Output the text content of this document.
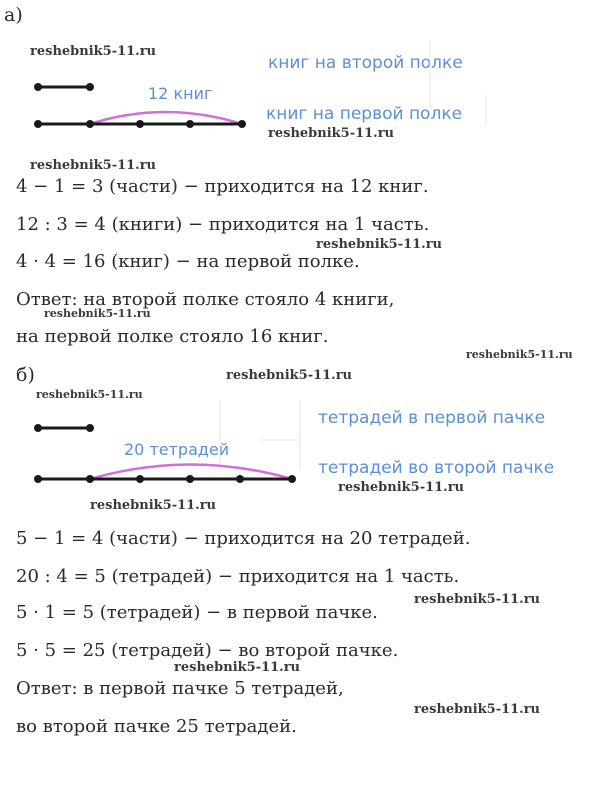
а)
reshebnik5-11.ru
книг на второй полке
12 книг
книг на первой полке
reshebnik5-11.ru
reshebnik5-11.ru
4 − 1 = 3 (части) − приходится на 12 книг.
12 : 3 = 4 (книги) − приходится на 1 часть.
reshebnik5-11.ru
4 · 4 = 16 (книг) − на первой полке.
Ответ: на второй полке стояло 4 книги,
reshebnik5-11.ru
на первой полке стояло 16 книг.
reshebnik5-11.ru
б)	reshebnik5-11.ru
reshebnik5-11.ru
тетрадей в первой пачке
20 тетрадей
тетрадей во второй пачке
reshebnik5-11.ru
reshebnik5-11.ru
5 − 1 = 4 (части) − приходится на 20 тетрадей.
20 : 4 = 5 (тетрадей) − приходится на 1 часть.
reshebnik5-11.ru
5 · 1 = 5 (тетрадей) − в первой пачке.
5 · 5 = 25 (тетрадей) − во второй пачке.
reshebnik5-11.ru
Ответ: в первой пачке 5 тетрадей,
reshebnik5-11.ru
во второй пачке 25 тетрадей.
